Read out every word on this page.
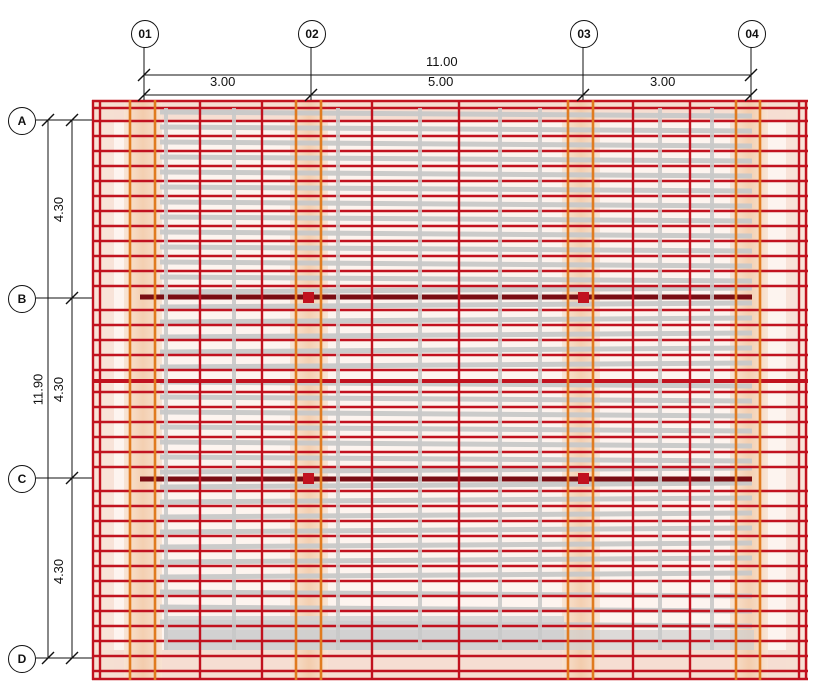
01	02	03	04
A
B
C
D
11.00
3.00	5.00	3.00
11.90
4.30
4.30
4.30
